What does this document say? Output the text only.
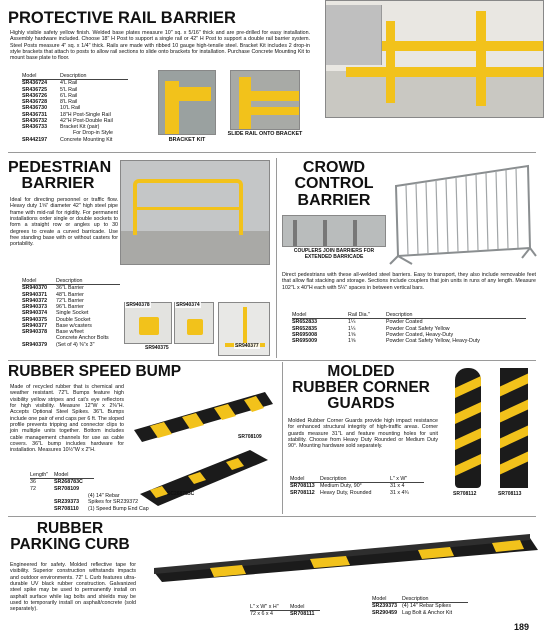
PROTECTIVE RAIL BARRIER
Highly visible safety yellow finish. Welded base plates measure 10" sq. x 5/16" thick and are pre-drilled for easy installation. Assembly hardware included. Choose 18" H Post to support a single rail or 42" H Post to support a double rail barrier system. Steel Posts measure 4" sq. x 1/4" thick. Rails are made with ribbed 10 gauge high-tensile steel. Bracket Kit includes 2 drop-in style brackets that attach to posts to allow rail sections to slide onto brackets for installation. Purchase Concrete Mounting Kit to mount base plate to floor.
Model	Description
SR436724	4'L Rail
SR436725	5'L Rail
SR436726	6'L Rail
SR436728	8'L Rail
SR436730	10'L Rail
SR436731	18"H Post-Single Rail
SR436732	42"H Post-Double Rail
SR436733	Bracket Kit (pair)
	For Drop-in Style
SR442197	Concrete Mounting Kit	BRACKET KIT
SLIDE RAIL ONTO BRACKET
PEDESTRIAN
BARRIER
Ideal for directing personnel or traffic flow. Heavy duty 1⅝" diameter 42" high steel pipe frame with mid-rail for rigidity. For permanent installations order single or double sockets to form a straight row or angles up to 30 degrees to create a curved barricade. Use free standing base with or without casters for portability.
Model	Description
SR940370	36"L Barrier
SR940371	48"L Barrier
SR940372	72"L Barrier
SR940373	96"L Barrier
SR940374	Single Socket
SR940375	Double Socket
SR940377	Base w/casters
SR940378	Base w/feet
	Concrete Anchor Bolts
SR940379	(Set of 4) ⅜"x 3"
SR940378	SR940374
SR940375	SR940377
CROWD
CONTROL
BARRIER
COUPLERS JOIN BARRIERS FOR EXTENDED BARRICADE
Direct pedestrians with these all-welded steel barriers. Easy to transport, they also include removable feet that allow flat stacking and storage. Sections include couplers that join units in runs of any length. Measure 102"L x 40"H each with 5¼" spaces in between vertical bars.
Model	Rail Dia."	Description
SR652833	1¼	Powder Coated
SR652835	1¼	Powder Coat Safety Yellow
SR695008	1⅝	Powder Coated, Heavy-Duty
SR695009	1⅝	Powder Coat Safety Yellow, Heavy-Duty
RUBBER SPEED BUMP
Made of recycled rubber that is chemical and weather resistant. 72"L Bumps feature high visibility yellow stripes and cat's eye reflectors for high visibility. Measure 12"W x 2⅜"H. Accepts Optional Steel Spikes. 36"L Bumps include one pair of end caps per 6 ft. The sloped profile prevents tripping and connector clips to join multiple units together. Bottom includes cable management channels for use as cable covers. 36"L bump includes hardware for installation. Measures 10½"W x 2"H.
SR708109
SC268783C
Length"	Model
36	SR268783C
72	SR708109
	(4) 14" Rebar
SR239373	Spikes for SR239372
SR708110	(1) Speed Bump End Cap
MOLDED
RUBBER CORNER
GUARDS
Molded Rubber Corner Guards provide high impact resistance for enhanced structural integrity of high-traffic areas. Corner guards measure 31"L and feature mounting holes for unit stability. Choose from Heavy Duty Rounded or Medium Duty 90°. Mounting hardware sold separately.
SR708112	SR708113
Model	Description	L" x W"
SR708113	Medium Duty, 90°	31 x 4
SR708112	Heavy Duty, Rounded	31 x 4¾
RUBBER
PARKING CURB
Engineered for safety. Molded reflective tape for visibility. Superior construction withstands impacts and outdoor environments. 72" L Curb features ultra-durable UV black rubber construction. Galvanized steel spike may be used to permanently install on asphalt surface while lag bolts and shields may be used to temporarily install on asphalt/concrete (sold separately).	L" x W" x H"	Model
72 x 6 x 4	SR708111
Model	Description
SR239373	(4) 14" Rebar Spikes
SR290459	Lag Bolt & Anchor Kit
189
